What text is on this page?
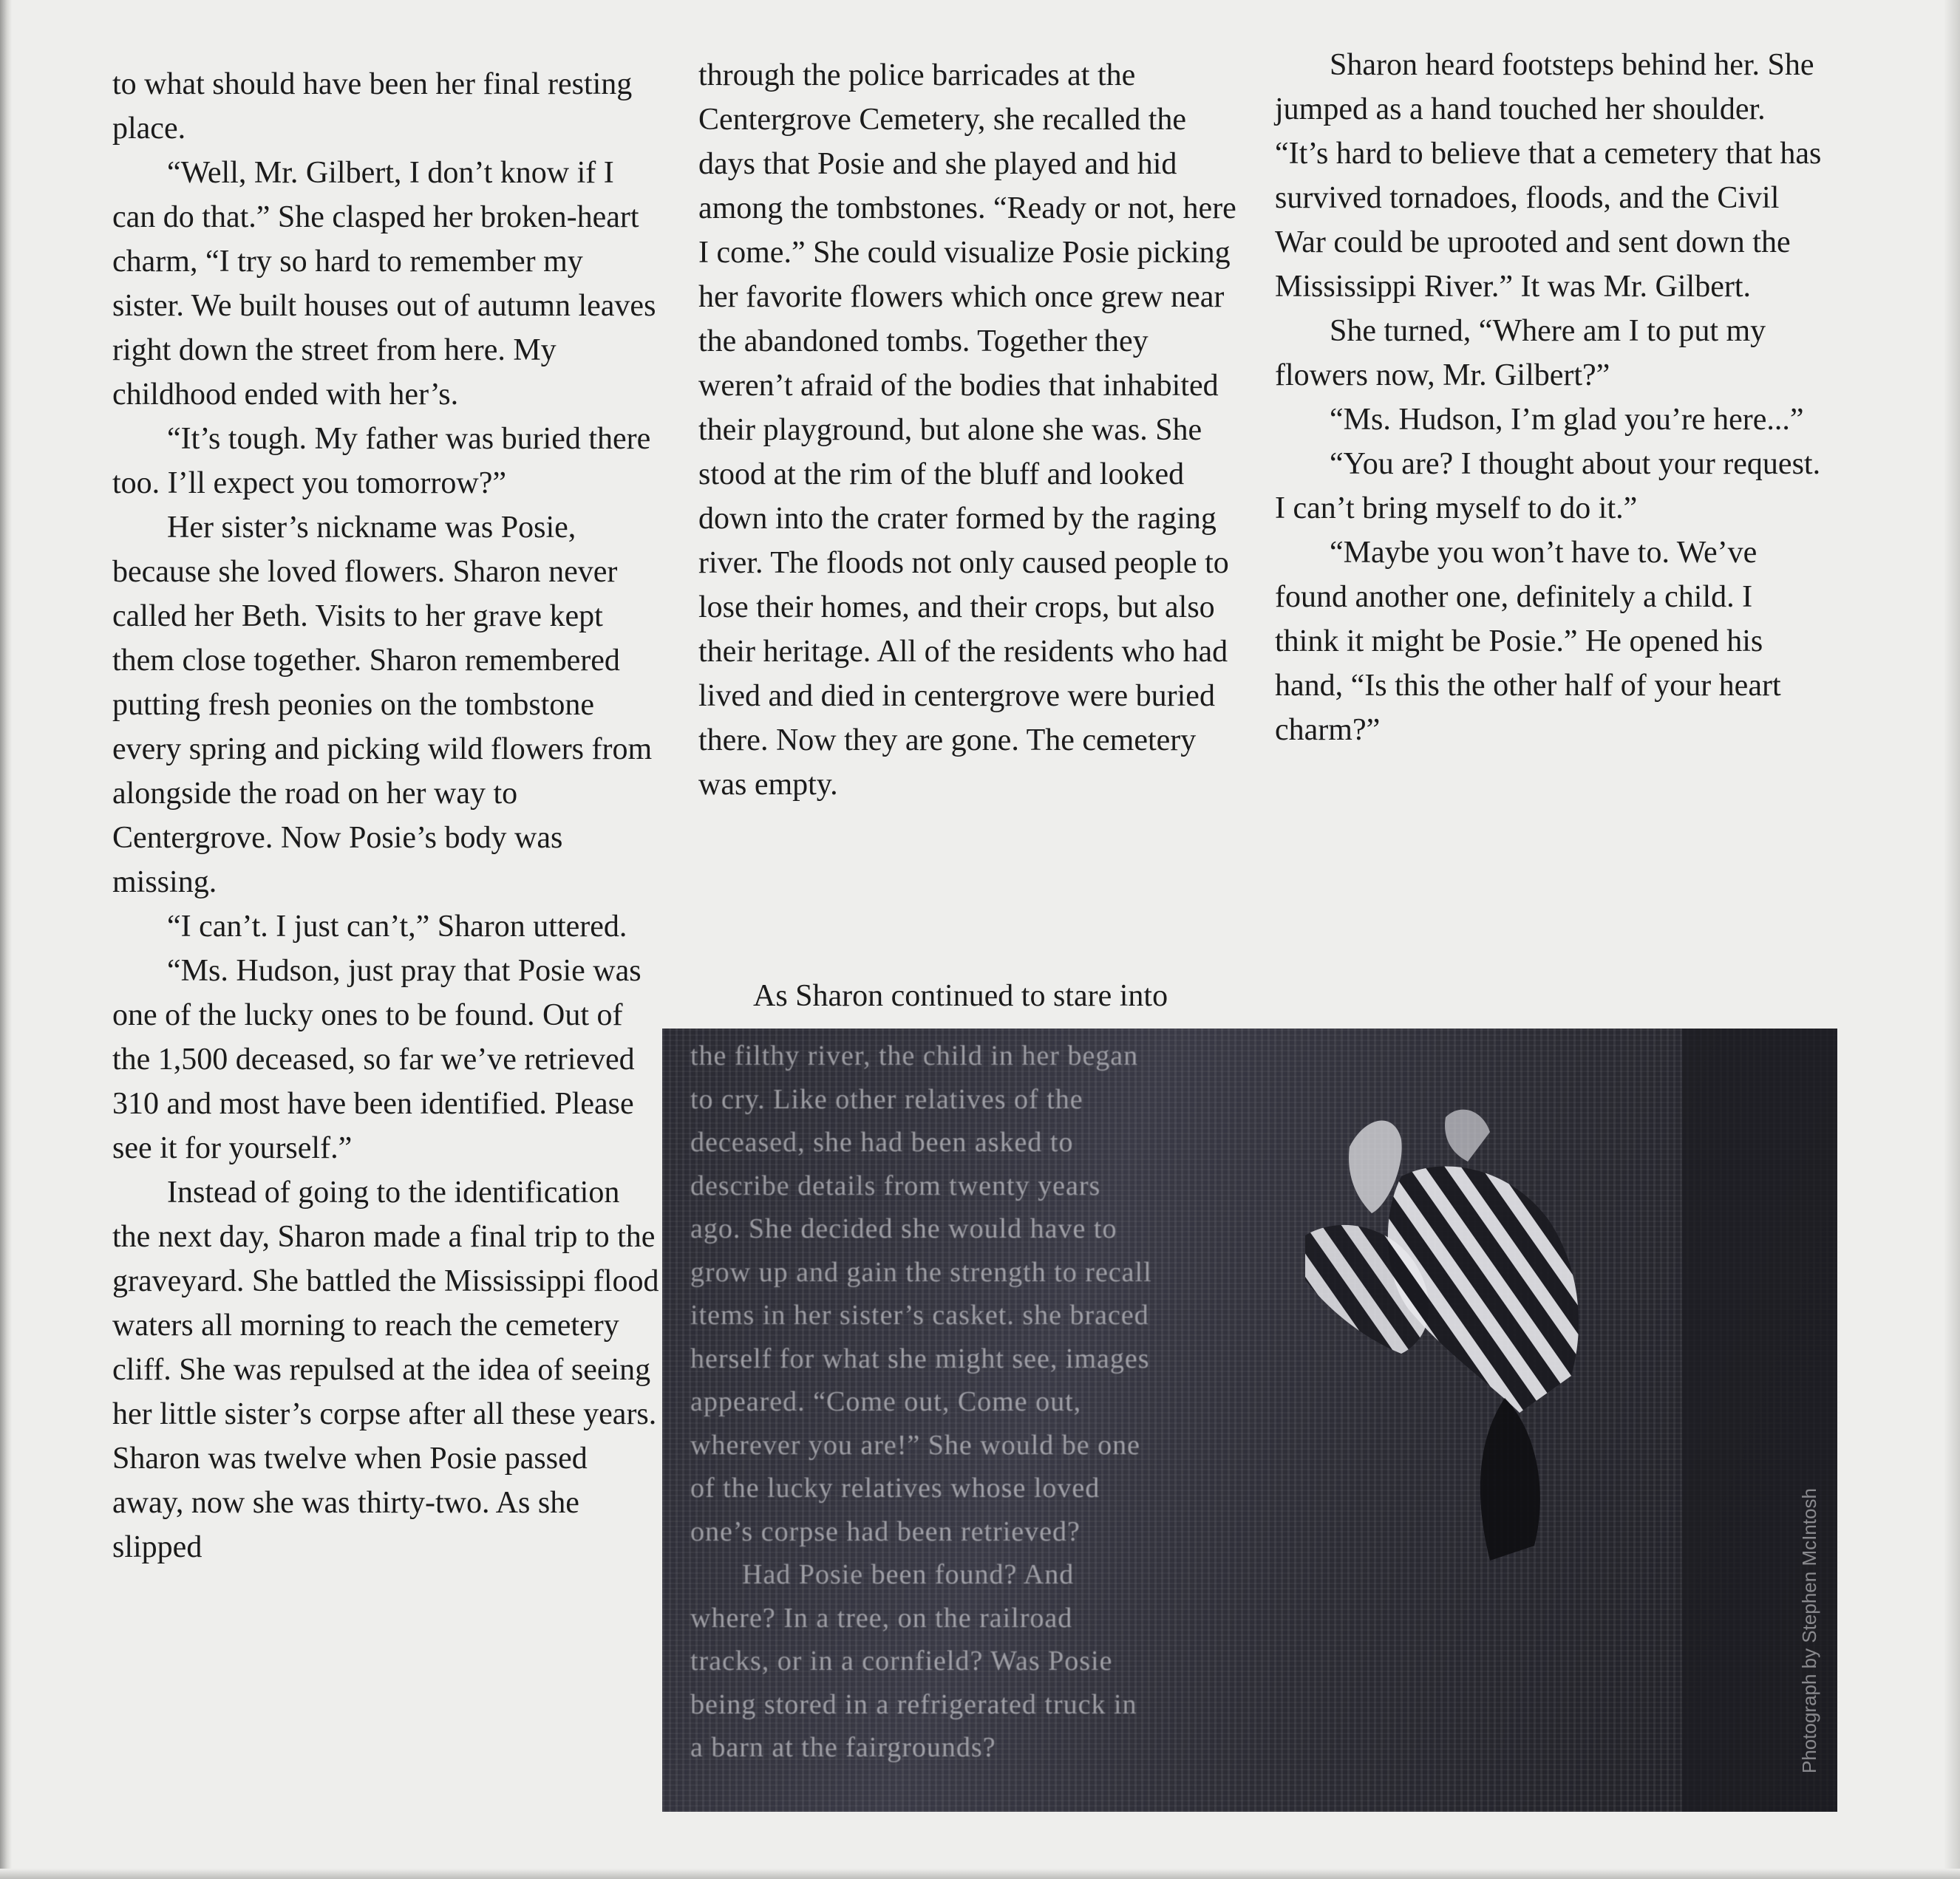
to what should have been her final resting place.

“Well, Mr. Gilbert, I don’t know if I can do that.” She clasped her broken-heart charm, “I try so hard to remember my sister. We built houses out of autumn leaves right down the street from here. My childhood ended with her’s.

“It’s tough. My father was buried there too. I’ll expect you tomorrow?”

Her sister’s nickname was Posie, because she loved flowers. Sharon never called her Beth. Visits to her grave kept them close together. Sharon remembered putting fresh peonies on the tombstone every spring and picking wild flowers from alongside the road on her way to Centergrove. Now Posie’s body was missing.

“I can’t. I just can’t,” Sharon uttered.

“Ms. Hudson, just pray that Posie was one of the lucky ones to be found. Out of the 1,500 deceased, so far we’ve retrieved 310 and most have been identified. Please see it for yourself.”

Instead of going to the identification the next day, Sharon made a final trip to the graveyard. She battled the Mississippi flood waters all morning to reach the cemetery cliff. She was repulsed at the idea of seeing her little sister’s corpse after all these years. Sharon was twelve when Posie passed away, now she was thirty-two. As she slipped

through the police barricades at the Centergrove Cemetery, she recalled the days that Posie and she played and hid among the tombstones. “Ready or not, here I come.” She could visualize Posie picking her favorite flowers which once grew near the abandoned tombs. Together they weren’t afraid of the bodies that inhabited their playground, but alone she was. She stood at the rim of the bluff and looked down into the crater formed by the raging river. The floods not only caused people to lose their homes, and their crops, but also their heritage. All of the residents who had lived and died in centergrove were buried there. Now they are gone. The cemetery was empty.

As Sharon continued to stare into

Sharon heard footsteps behind her. She jumped as a hand touched her shoulder. “It’s hard to believe that a cemetery that has survived tornadoes, floods, and the Civil War could be uprooted and sent down the Mississippi River.” It was Mr. Gilbert.

She turned, “Where am I to put my flowers now, Mr. Gilbert?”

“Ms. Hudson, I’m glad you’re here...”

“You are? I thought about your request. I can’t bring myself to do it.”

“Maybe you won’t have to. We’ve found another one, definitely a child. I think it might be Posie.” He opened his hand, “Is this the other half of your heart charm?”

the filthy river, the child in her began to cry. Like other relatives of the deceased, she had been asked to describe details from twenty years ago. She decided she would have to grow up and gain the strength to recall items in her sister’s casket. she braced herself for what she might see, images appeared. “Come out, Come out, wherever you are!” She would be one of the lucky relatives whose loved one’s corpse had been retrieved?

Had Posie been found? And where? In a tree, on the railroad tracks, or in a cornfield? Was Posie being stored in a refrigerated truck in a barn at the fairgrounds?	Photograph by Stephen McIntosh
